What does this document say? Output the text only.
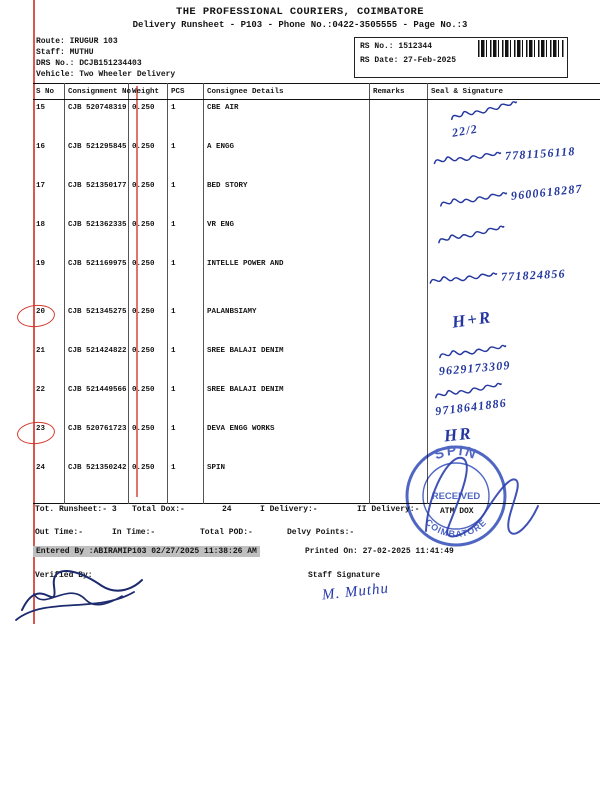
THE PROFESSIONAL COURIERS, COIMBATORE
Delivery Runsheet - P103 - Phone No.:0422-3505555 - Page No.:3
Route: IRUGUR 103
Staff: MUTHU
DRS No.: DCJB151234403
Vehicle: Two Wheeler Delivery
RS No.: 1512344
RS Date: 27-Feb-2025
S No	Consignment No	Weight	PCS	Consignee Details	Remarks	Seal & Signature
15	CJB 520748319	0.250	1	CBE AIR		22/2

16	CJB 521295845	0.250	1	A ENGG		7781156118

17	CJB 521350177	0.250	1	BED STORY		9600618287

18	CJB 521362335	0.250	1	VR ENG		

19	CJB 521169975	0.250	1	INTELLE POWER AND		771824856

20	CJB 521345275	0.250	1	PALANBSIAMY		H+R

21	CJB 521424822	0.250	1	SREE BALAJI DENIM		9629173309

22	CJB 521449566	0.250	1	SREE BALAJI DENIM		9718641886

23	CJB 520761723	0.250	1	DEVA ENGG WORKS		HR

24	CJB 521350242	0.250	1	SPIN		
Tot. Runsheet:- 3 Total Dox:-	24	I Delivery:-	II Delivery:-	ATM DOX
Out Time:-	In Time:-	Total POD:-	Delvy Points:-
Entered By :ABIRAMIP103 02/27/2025 11:38:26 AM	Printed On: 27-02-2025 11:41:49
Verified By:	Staff Signature
M. Muthu
SPIN
COIMBATORE
RECEIVED
